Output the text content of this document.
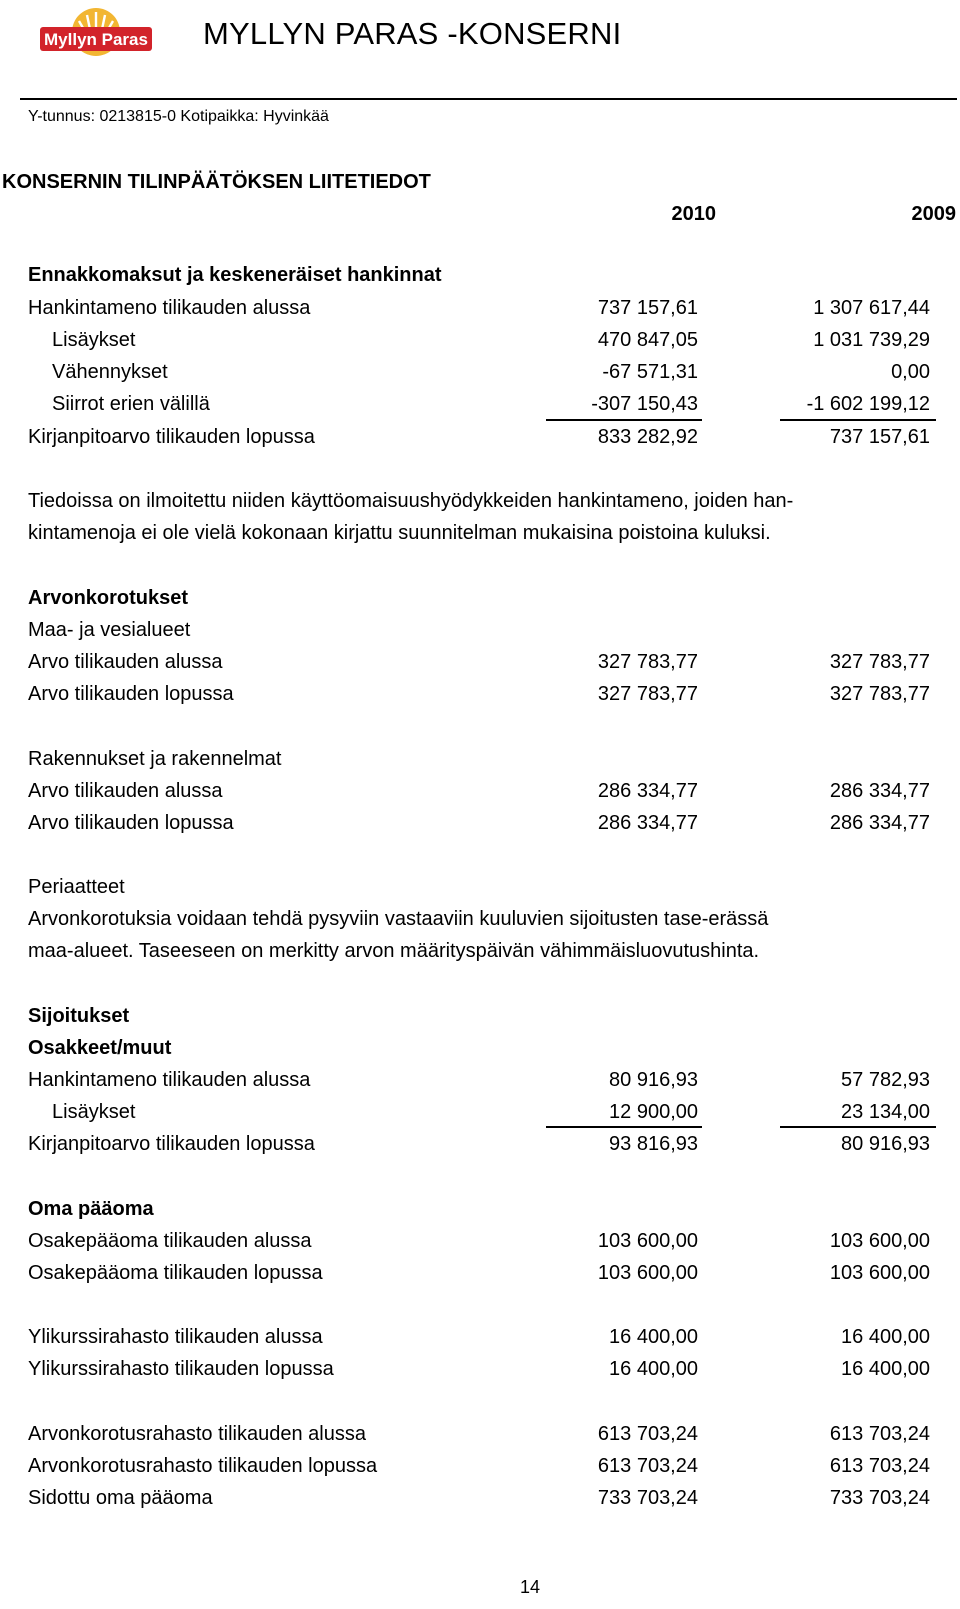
Myllyn Paras MYLLYN PARAS -KONSERNI
Y-tunnus: 0213815-0 Kotipaikka: Hyvinkää
KONSERNIN TILINPÄÄTÖKSEN LIITETIEDOT
2010	2009
Ennakkomaksut ja keskeneräiset hankinnat
Hankintameno tilikauden alussa	737 157,61	1 307 617,44
Lisäykset	470 847,05	1 031 739,29
Vähennykset	-67 571,31	0,00
Siirrot erien välillä	-307 150,43	-1 602 199,12
Kirjanpitoarvo tilikauden lopussa	833 282,92	737 157,61
Tiedoissa on ilmoitettu niiden käyttöomaisuushyödykkeiden hankintameno, joiden han-
kintamenoja ei ole vielä kokonaan kirjattu suunnitelman mukaisina poistoina kuluksi.
Arvonkorotukset
Maa- ja vesialueet
Arvo tilikauden alussa	327 783,77	327 783,77
Arvo tilikauden lopussa	327 783,77	327 783,77
Rakennukset ja rakennelmat
Arvo tilikauden alussa	286 334,77	286 334,77
Arvo tilikauden lopussa	286 334,77	286 334,77
Periaatteet
Arvonkorotuksia voidaan tehdä pysyviin vastaaviin kuuluvien sijoitusten tase-erässä
maa-alueet. Taseeseen on merkitty arvon määrityspäivän vähimmäisluovutushinta.
Sijoitukset
Osakkeet/muut
Hankintameno tilikauden alussa	80 916,93	57 782,93
Lisäykset	12 900,00	23 134,00
Kirjanpitoarvo tilikauden lopussa	93 816,93	80 916,93
Oma pääoma
Osakepääoma tilikauden alussa	103 600,00	103 600,00
Osakepääoma tilikauden lopussa	103 600,00	103 600,00
Ylikurssirahasto tilikauden alussa	16 400,00	16 400,00
Ylikurssirahasto tilikauden lopussa	16 400,00	16 400,00
Arvonkorotusrahasto tilikauden alussa	613 703,24	613 703,24
Arvonkorotusrahasto tilikauden lopussa	613 703,24	613 703,24
Sidottu oma pääoma	733 703,24	733 703,24
14
